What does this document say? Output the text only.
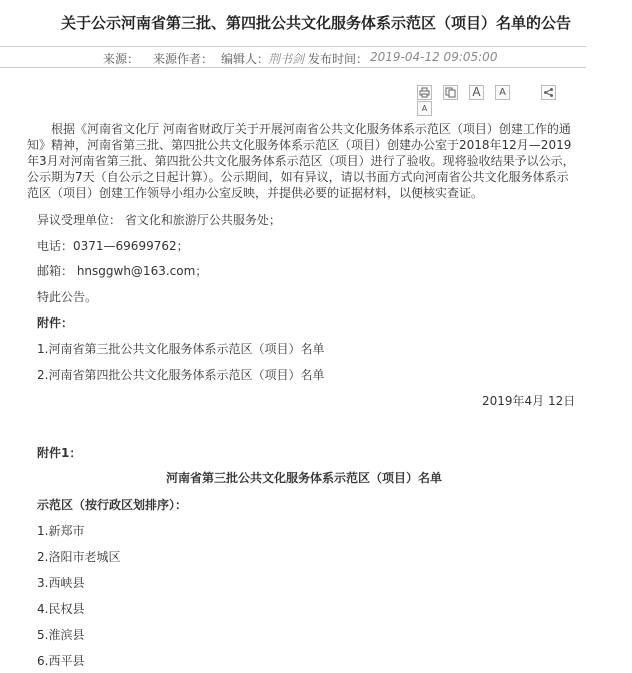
关于公示河南省第三批、第四批公共文化服务体系示范区（项目）名单的公告
来源： 来源作者： 编辑人：
荆书剑 发布时间： 2019-04-12 09:05:00
A	A
A
根据《河南省文化厅 河南省财政厅关于开展河南省公共文化服务体系示范区（项目）创建工作的通知》精神，河南省第三批、第四批公共文化服务体系示范区（项目）创建办公室于2018年12月—2019年3月对河南省第三批、第四批公共文化服务体系示范区（项目）进行了验收。现将验收结果予以公示，公示期为7天（自公示之日起计算）。公示期间，如有异议，请以书面方式向河南省公共文化服务体系示范区（项目）创建工作领导小组办公室反映，并提供必要的证据材料，以便核实查证。
异议受理单位： 省文化和旅游厅公共服务处；
电话：0371—69699762；
邮箱： hnsggwh@163.com；
特此公告。
附件：
1.河南省第三批公共文化服务体系示范区（项目）名单
2.河南省第四批公共文化服务体系示范区（项目）名单
2019年4月 12日
附件1：
河南省第三批公共文化服务体系示范区（项目）名单
示范区（按行政区划排序）：
1.新郑市
2.洛阳市老城区
3.西峡县
4.民权县
5.淮滨县
6.西平县
